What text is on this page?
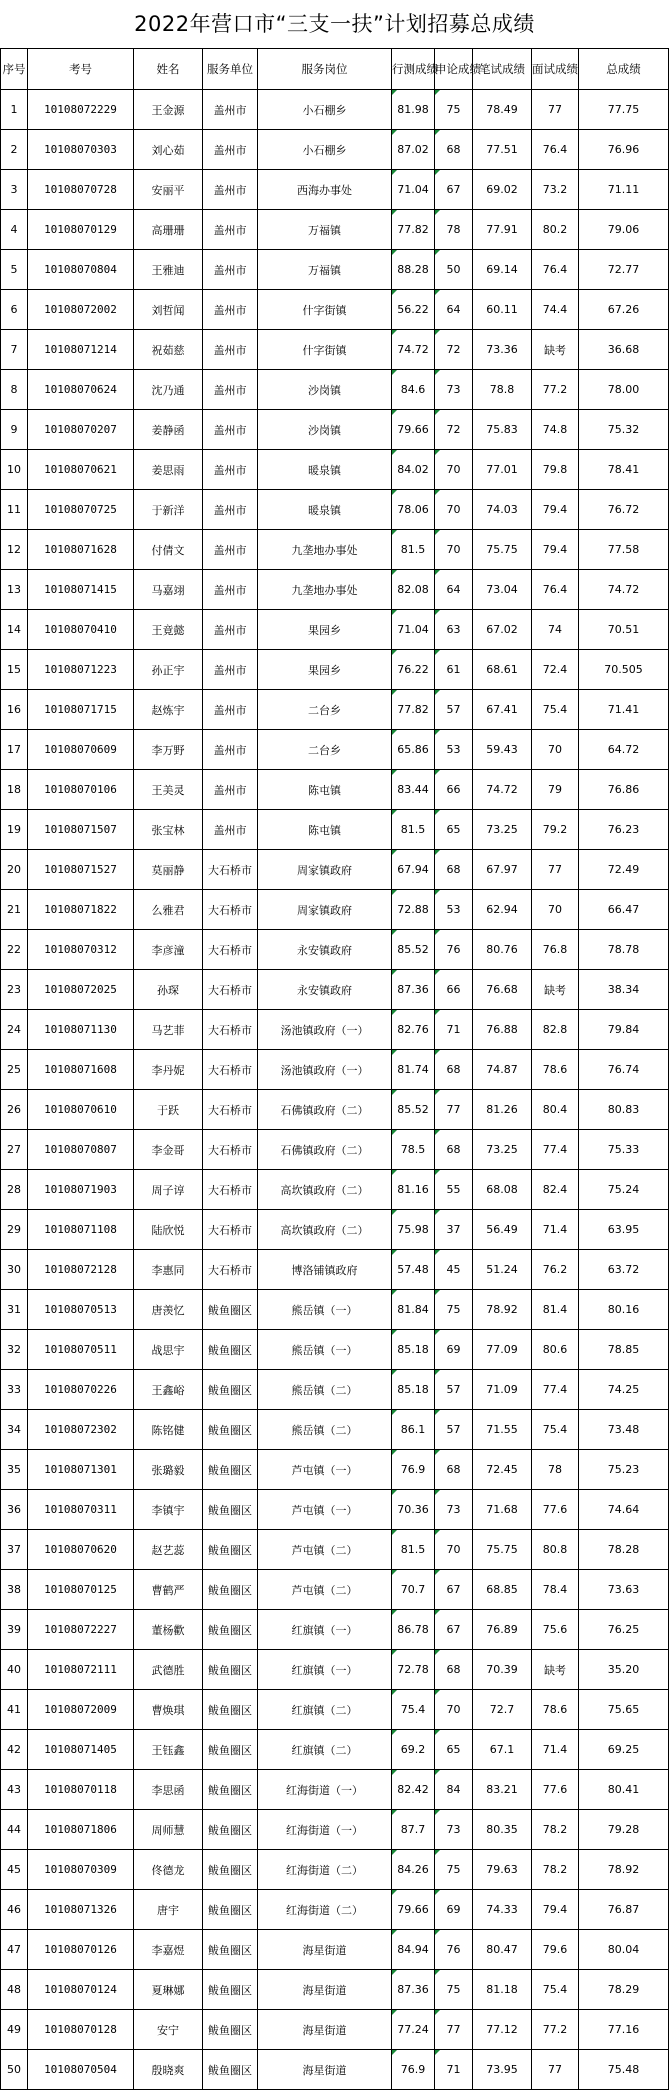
2022年营口市“三支一扶”计划招募总成绩
序号	考号	姓名	服务单位	服务岗位	行测成绩	申论成绩	笔试成绩	面试成绩	总成绩
1	10108072229	王金源	盖州市	小石棚乡	81.98	75	78.49	77	77.75
2	10108070303	刘心茹	盖州市	小石棚乡	87.02	68	77.51	76.4	76.96
3	10108070728	安丽平	盖州市	西海办事处	71.04	67	69.02	73.2	71.11
4	10108070129	高珊珊	盖州市	万福镇	77.82	78	77.91	80.2	79.06
5	10108070804	王雅迪	盖州市	万福镇	88.28	50	69.14	76.4	72.77
6	10108072002	刘哲闻	盖州市	什字街镇	56.22	64	60.11	74.4	67.26
7	10108071214	祝茹慈	盖州市	什字街镇	74.72	72	73.36	缺考	36.68
8	10108070624	沈乃通	盖州市	沙岗镇	84.6	73	78.8	77.2	78.00
9	10108070207	姜静函	盖州市	沙岗镇	79.66	72	75.83	74.8	75.32
10	10108070621	姜思雨	盖州市	暖泉镇	84.02	70	77.01	79.8	78.41
11	10108070725	于新洋	盖州市	暖泉镇	78.06	70	74.03	79.4	76.72
12	10108071628	付倩文	盖州市	九垄地办事处	81.5	70	75.75	79.4	77.58
13	10108071415	马嘉翊	盖州市	九垄地办事处	82.08	64	73.04	76.4	74.72
14	10108070410	王竟懿	盖州市	果园乡	71.04	63	67.02	74	70.51
15	10108071223	孙正宇	盖州市	果园乡	76.22	61	68.61	72.4	70.505
16	10108071715	赵炼宇	盖州市	二台乡	77.82	57	67.41	75.4	71.41
17	10108070609	李万野	盖州市	二台乡	65.86	53	59.43	70	64.72
18	10108070106	王美灵	盖州市	陈屯镇	83.44	66	74.72	79	76.86
19	10108071507	张宝林	盖州市	陈屯镇	81.5	65	73.25	79.2	76.23
20	10108071527	莫丽静	大石桥市	周家镇政府	67.94	68	67.97	77	72.49
21	10108071822	么雅君	大石桥市	周家镇政府	72.88	53	62.94	70	66.47
22	10108070312	李彦潼	大石桥市	永安镇政府	85.52	76	80.76	76.8	78.78
23	10108072025	孙琛	大石桥市	永安镇政府	87.36	66	76.68	缺考	38.34
24	10108071130	马艺菲	大石桥市	汤池镇政府（一）	82.76	71	76.88	82.8	79.84
25	10108071608	李丹妮	大石桥市	汤池镇政府（一）	81.74	68	74.87	78.6	76.74
26	10108070610	于跃	大石桥市	石佛镇政府（二）	85.52	77	81.26	80.4	80.83
27	10108070807	李金哥	大石桥市	石佛镇政府（二）	78.5	68	73.25	77.4	75.33
28	10108071903	周子谆	大石桥市	高坎镇政府（二）	81.16	55	68.08	82.4	75.24
29	10108071108	陆欣悦	大石桥市	高坎镇政府（二）	75.98	37	56.49	71.4	63.95
30	10108072128	李惠同	大石桥市	博洛铺镇政府	57.48	45	51.24	76.2	63.72
31	10108070513	唐羡忆	鲅鱼圈区	熊岳镇（一）	81.84	75	78.92	81.4	80.16
32	10108070511	战思宇	鲅鱼圈区	熊岳镇（一）	85.18	69	77.09	80.6	78.85
33	10108070226	王鑫峪	鲅鱼圈区	熊岳镇（二）	85.18	57	71.09	77.4	74.25
34	10108072302	陈铭健	鲅鱼圈区	熊岳镇（二）	86.1	57	71.55	75.4	73.48
35	10108071301	张璐毅	鲅鱼圈区	芦屯镇（一）	76.9	68	72.45	78	75.23
36	10108070311	李镇宇	鲅鱼圈区	芦屯镇（一）	70.36	73	71.68	77.6	74.64
37	10108070620	赵艺蕊	鲅鱼圈区	芦屯镇（二）	81.5	70	75.75	80.8	78.28
38	10108070125	曹鹤严	鲅鱼圈区	芦屯镇（二）	70.7	67	68.85	78.4	73.63
39	10108072227	董杨歡	鲅鱼圈区	红旗镇（一）	86.78	67	76.89	75.6	76.25
40	10108072111	武德胜	鲅鱼圈区	红旗镇（一）	72.78	68	70.39	缺考	35.20
41	10108072009	曹焕琪	鲅鱼圈区	红旗镇（二）	75.4	70	72.7	78.6	75.65
42	10108071405	王钰鑫	鲅鱼圈区	红旗镇（二）	69.2	65	67.1	71.4	69.25
43	10108070118	李思函	鲅鱼圈区	红海街道（一）	82.42	84	83.21	77.6	80.41
44	10108071806	周师慧	鲅鱼圈区	红海街道（一）	87.7	73	80.35	78.2	79.28
45	10108070309	佟德龙	鲅鱼圈区	红海街道（二）	84.26	75	79.63	78.2	78.92
46	10108071326	唐宇	鲅鱼圈区	红海街道（二）	79.66	69	74.33	79.4	76.87
47	10108070126	李嘉煜	鲅鱼圈区	海星街道	84.94	76	80.47	79.6	80.04
48	10108070124	夏琳娜	鲅鱼圈区	海星街道	87.36	75	81.18	75.4	78.29
49	10108070128	安宁	鲅鱼圈区	海星街道	77.24	77	77.12	77.2	77.16
50	10108070504	殷晓爽	鲅鱼圈区	海星街道	76.9	71	73.95	77	75.48
